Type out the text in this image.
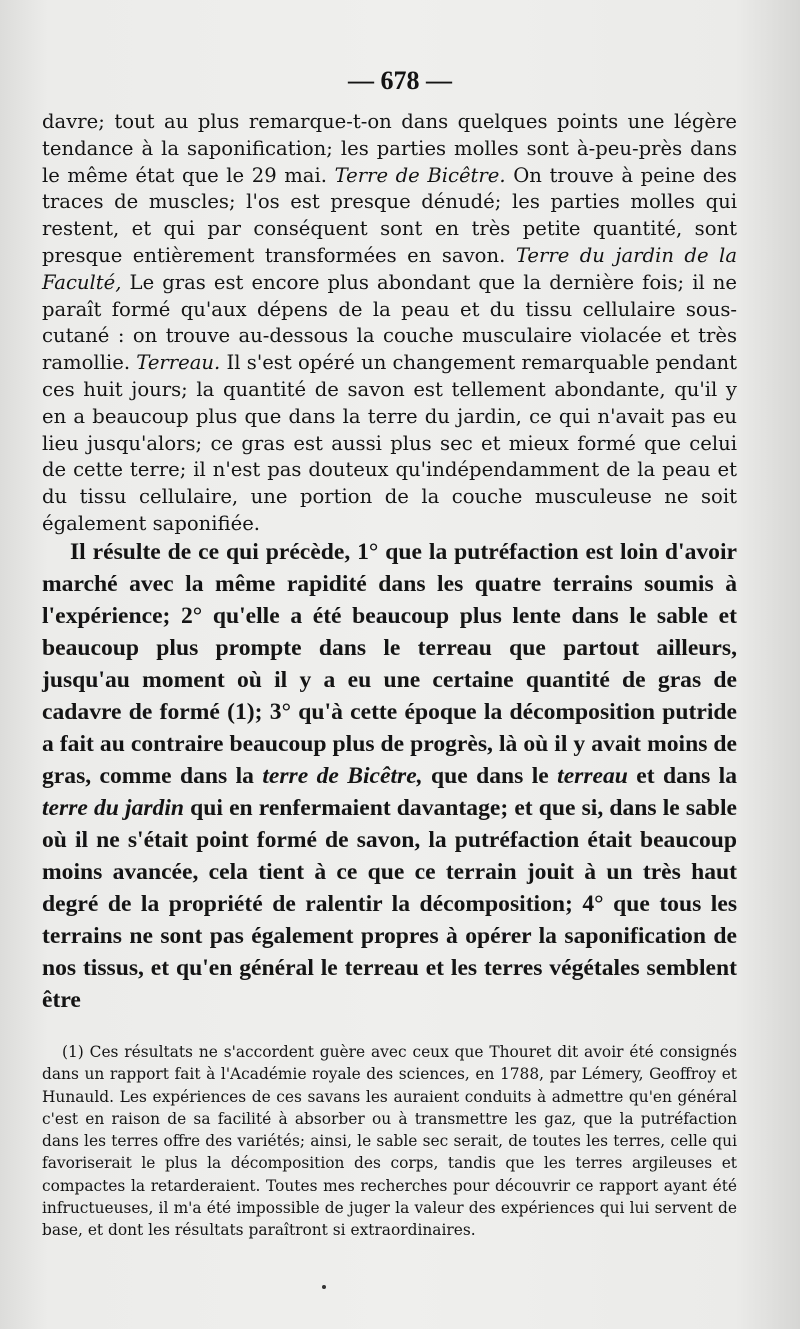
— 678 —

davre; tout au plus remarque-t-on dans quelques points une légère tendance à la saponification; les parties molles sont à-peu-près dans le même état que le 29 mai. Terre de Bicêtre. On trouve à peine des traces de muscles; l'os est presque dénudé; les parties molles qui restent, et qui par conséquent sont en très petite quantité, sont presque entièrement transformées en savon. Terre du jardin de la Faculté, Le gras est encore plus abondant que la dernière fois; il ne paraît formé qu'aux dépens de la peau et du tissu cellulaire sous-cutané : on trouve au-dessous la couche musculaire violacée et très ramollie. Terreau. Il s'est opéré un changement remarquable pendant ces huit jours; la quantité de savon est tellement abondante, qu'il y en a beaucoup plus que dans la terre du jardin, ce qui n'avait pas eu lieu jusqu'alors; ce gras est aussi plus sec et mieux formé que celui de cette terre; il n'est pas douteux qu'indépendamment de la peau et du tissu cellulaire, une portion de la couche musculeuse ne soit également saponifiée.

Il résulte de ce qui précède, 1° que la putréfaction est loin d'avoir marché avec la même rapidité dans les quatre terrains soumis à l'expérience; 2° qu'elle a été beaucoup plus lente dans le sable et beaucoup plus prompte dans le terreau que partout ailleurs, jusqu'au moment où il y a eu une certaine quantité de gras de cadavre de formé (1); 3° qu'à cette époque la décomposition putride a fait au contraire beaucoup plus de progrès, là où il y avait moins de gras, comme dans la terre de Bicêtre, que dans le terreau et dans la terre du jardin qui en renfermaient davantage; et que si, dans le sable où il ne s'était point formé de savon, la putréfaction était beaucoup moins avancée, cela tient à ce que ce terrain jouit à un très haut degré de la propriété de ralentir la décomposition; 4° que tous les terrains ne sont pas également propres à opérer la saponification de nos tissus, et qu'en général le terreau et les terres végétales semblent être

(1) Ces résultats ne s'accordent guère avec ceux que Thouret dit avoir été consignés dans un rapport fait à l'Académie royale des sciences, en 1788, par Lémery, Geoffroy et Hunauld. Les expériences de ces savans les auraient conduits à admettre qu'en général c'est en raison de sa facilité à absorber ou à transmettre les gaz, que la putréfaction dans les terres offre des variétés; ainsi, le sable sec serait, de toutes les terres, celle qui favoriserait le plus la décomposition des corps, tandis que les terres argileuses et compactes la retarderaient. Toutes mes recherches pour découvrir ce rapport ayant été infructueuses, il m'a été impossible de juger la valeur des expériences qui lui servent de base, et dont les résultats paraîtront si extraordinaires.
